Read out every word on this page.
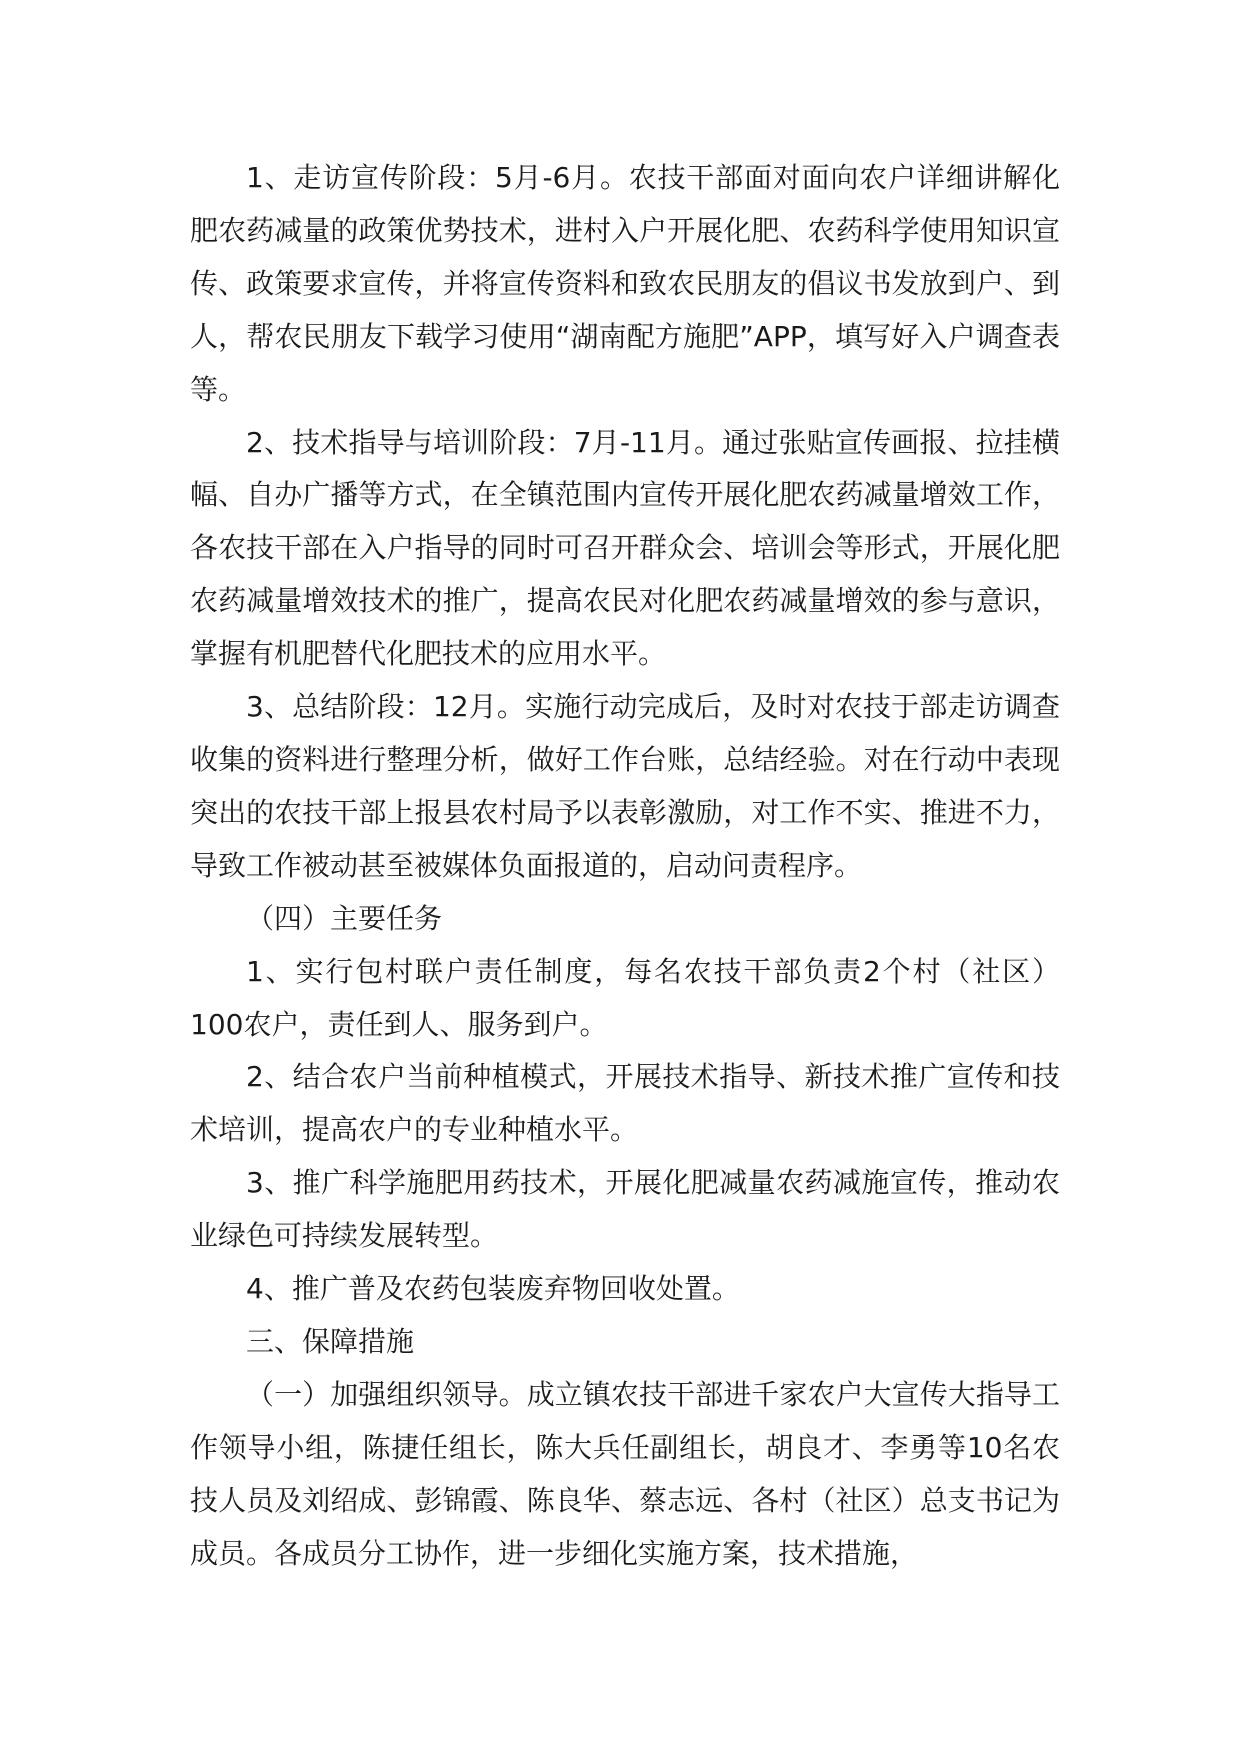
1、走访宣传阶段：5月-6月。农技干部面对面向农户详细讲解化肥农药减量的政策优势技术，进村入户开展化肥、农药科学使用知识宣传、政策要求宣传，并将宣传资料和致农民朋友的倡议书发放到户、到人，帮农民朋友下载学习使用“湖南配方施肥”APP，填写好入户调查表等。

2、技术指导与培训阶段：7月-11月。通过张贴宣传画报、拉挂横幅、自办广播等方式，在全镇范围内宣传开展化肥农药减量增效工作，各农技干部在入户指导的同时可召开群众会、培训会等形式，开展化肥农药减量增效技术的推广，提高农民对化肥农药减量增效的参与意识，掌握有机肥替代化肥技术的应用水平。

3、总结阶段：12月。实施行动完成后，及时对农技于部走访调查收集的资料进行整理分析，做好工作台账，总结经验。对在行动中表现突出的农技干部上报县农村局予以表彰激励，对工作不实、推进不力，导致工作被动甚至被媒体负面报道的，启动问责程序。

（四）主要任务

1、实行包村联户责任制度，每名农技干部负责2个村（社区）100农户，责任到人、服务到户。

2、结合农户当前种植模式，开展技术指导、新技术推广宣传和技术培训，提高农户的专业种植水平。

3、推广科学施肥用药技术，开展化肥减量农药减施宣传，推动农业绿色可持续发展转型。

4、推广普及农药包装废弃物回收处置。

三、保障措施

（一）加强组织领导。成立镇农技干部进千家农户大宣传大指导工作领导小组，陈捷任组长，陈大兵任副组长，胡良才、李勇等10名农技人员及刘绍成、彭锦霞、陈良华、蔡志远、各村（社区）总支书记为成员。各成员分工协作，进一步细化实施方案，技术措施，
